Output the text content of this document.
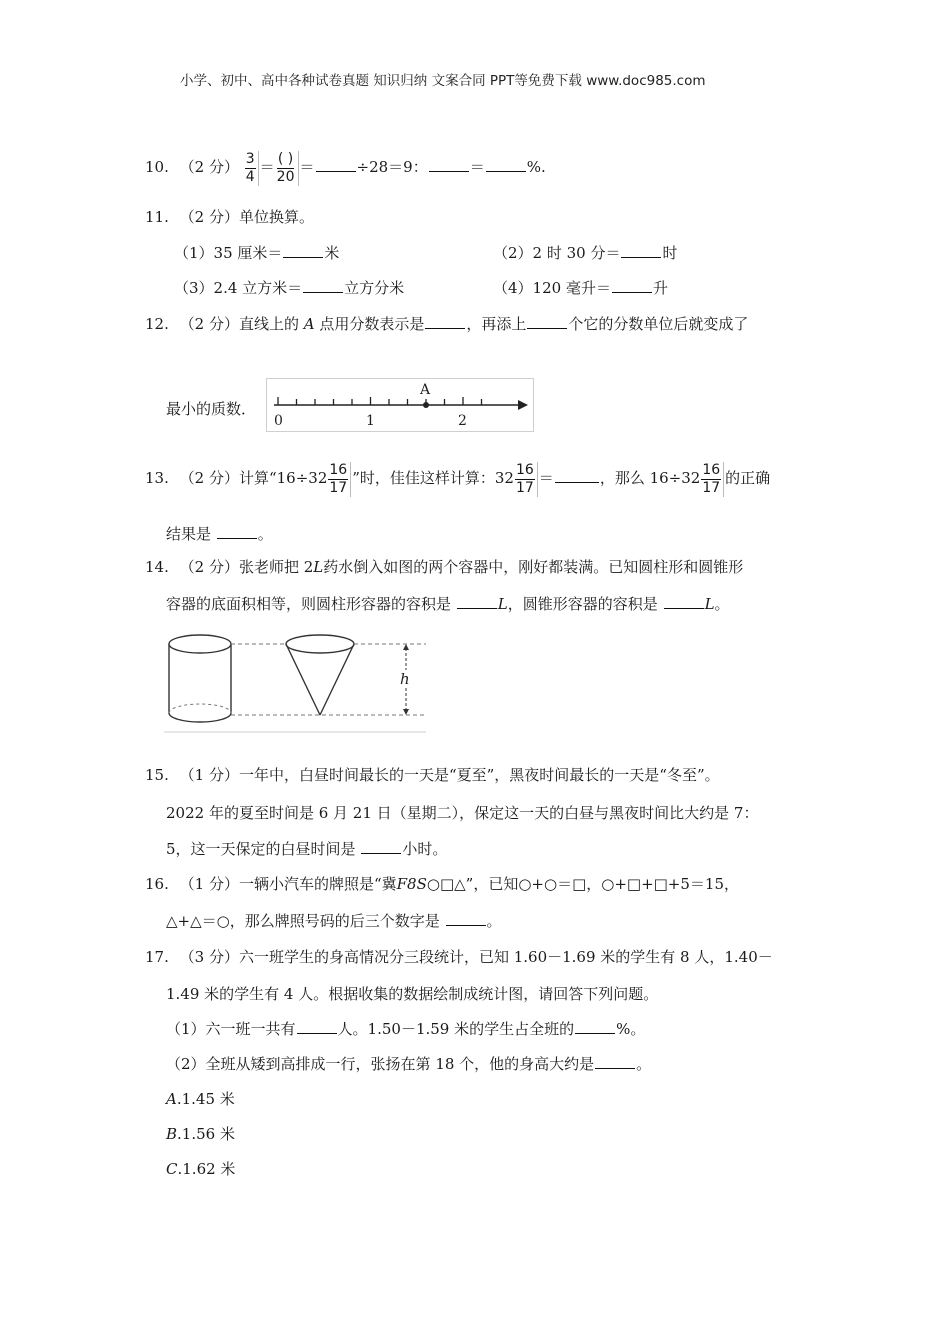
小学、初中、高中各种试卷真题 知识归纳 文案合同 PPT等免费下载 www.doc985.com
10. （2 分） $\frac{3}{4} = \frac{( )}{20}$ ＝	÷28＝9：	＝	%.
11. （2 分）单位换算。
（1）35 厘米＝	米	（2）2 时 30 分＝	时
（3）2.4 立方米＝	立方分米	（4）120 毫升＝	升
12. （2 分）直线上的 A 点用分数表示是	，再添上	个它的分数单位后就变成了
最小的质数．
A
0	1	2
13. （2 分）计算“$16\div 32 \frac{16}{17}$ ”时，佳佳这样计算：$32 \frac{16}{17}$ ＝	，那么 $16\div 32 \frac{16}{17}$ 的正确
结果是	。
14. （2 分）张老师把 2L药水倒入如图的两个容器中，刚好都装满。已知圆柱形和圆锥形
容器的底面积相等，则圆柱形容器的容积是	L，圆锥形容器的容积是	L。
h
15. （1 分）一年中，白昼时间最长的一天是“夏至”，黑夜时间最长的一天是“冬至”。
2022 年的夏至时间是 6 月 21 日（星期二），保定这一天的白昼与黑夜时间比大约是 7：
5，这一天保定的白昼时间是	小时。
16. （1 分）一辆小汽车的牌照是“冀F8S○□△”，已知○+○＝□，○+□+□+5＝15，
△+△＝○，那么牌照号码的后三个数字是	。
17. （3 分）六一班学生的身高情况分三段统计，已知 1.60－1.69 米的学生有 8 人，1.40－
1.49 米的学生有 4 人。根据收集的数据绘制成统计图，请回答下列问题。
（1）六一班一共有	人。1.50－1.59 米的学生占全班的	%。
（2）全班从矮到高排成一行，张扬在第 18 个，他的身高大约是	。
A.1.45 米
B.1.56 米
C.1.62 米
